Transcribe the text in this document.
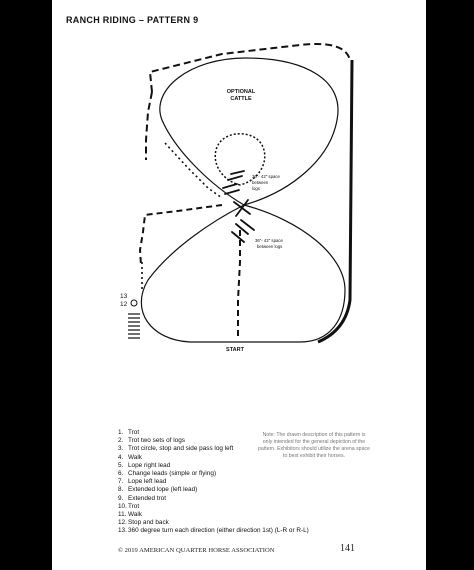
RANCH RIDING – PATTERN 9
OPTIONAL
CATTLE
36"- 42" space
between
logs
36"- 42" space
between logs
START
12
13
1. Trot
2. Trot two sets of logs
3. Trot circle, stop and side pass log left
4. Walk
5. Lope right lead
6. Change leads (simple or flying)
7. Lope left lead
8. Extended lope (left lead)
9. Extended trot
10. Trot
11. Walk
12. Stop and back
13. 360 degree turn each direction (either direction 1st) (L-R or R-L)
Note: The drawn description of this pattern is only intended for the general depiction of the pattern. Exhibitors should utilize the arena space to best exhibit their horses.
© 2019 AMERICAN QUARTER HORSE ASSOCIATION	141
